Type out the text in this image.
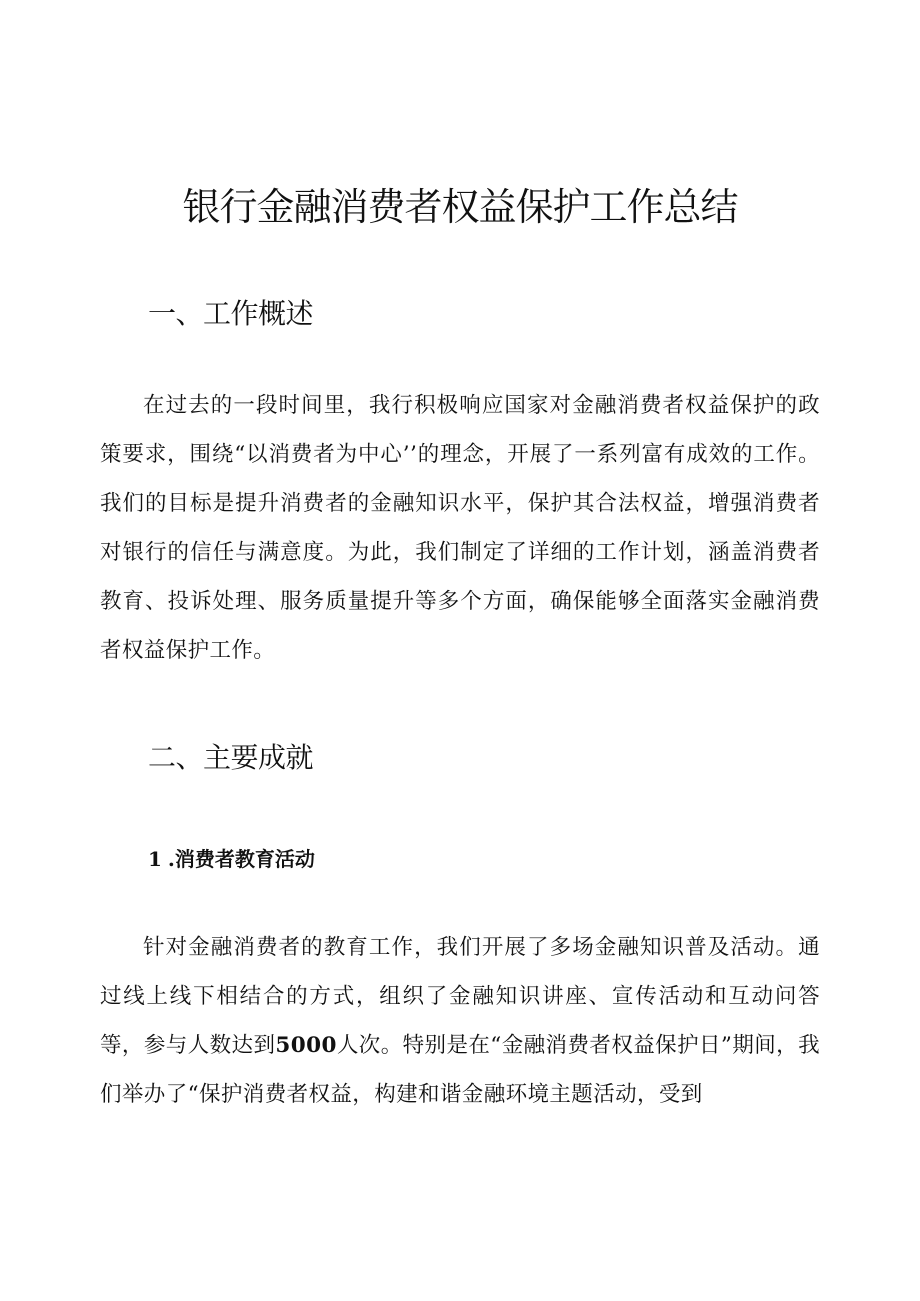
银行金融消费者权益保护工作总结
一、工作概述

在过去的一段时间里，我行积极响应国家对金融消费者权益保护的政策要求，围绕“以消费者为中心’’的理念，开展了一系列富有成效的工作。我们的目标是提升消费者的金融知识水平，保护其合法权益，增强消费者对银行的信任与满意度。为此，我们制定了详细的工作计划，涵盖消费者教育、投诉处理、服务质量提升等多个方面，确保能够全面落实金融消费者权益保护工作。

二、主要成就
1 .消费者教育活动

针对金融消费者的教育工作，我们开展了多场金融知识普及活动。通过线上线下相结合的方式，组织了金融知识讲座、宣传活动和互动问答等，参与人数达到5000人次。特别是在“金融消费者权益保护日”期间，我们举办了“保护消费者权益，构建和谐金融环境主题活动，受到
